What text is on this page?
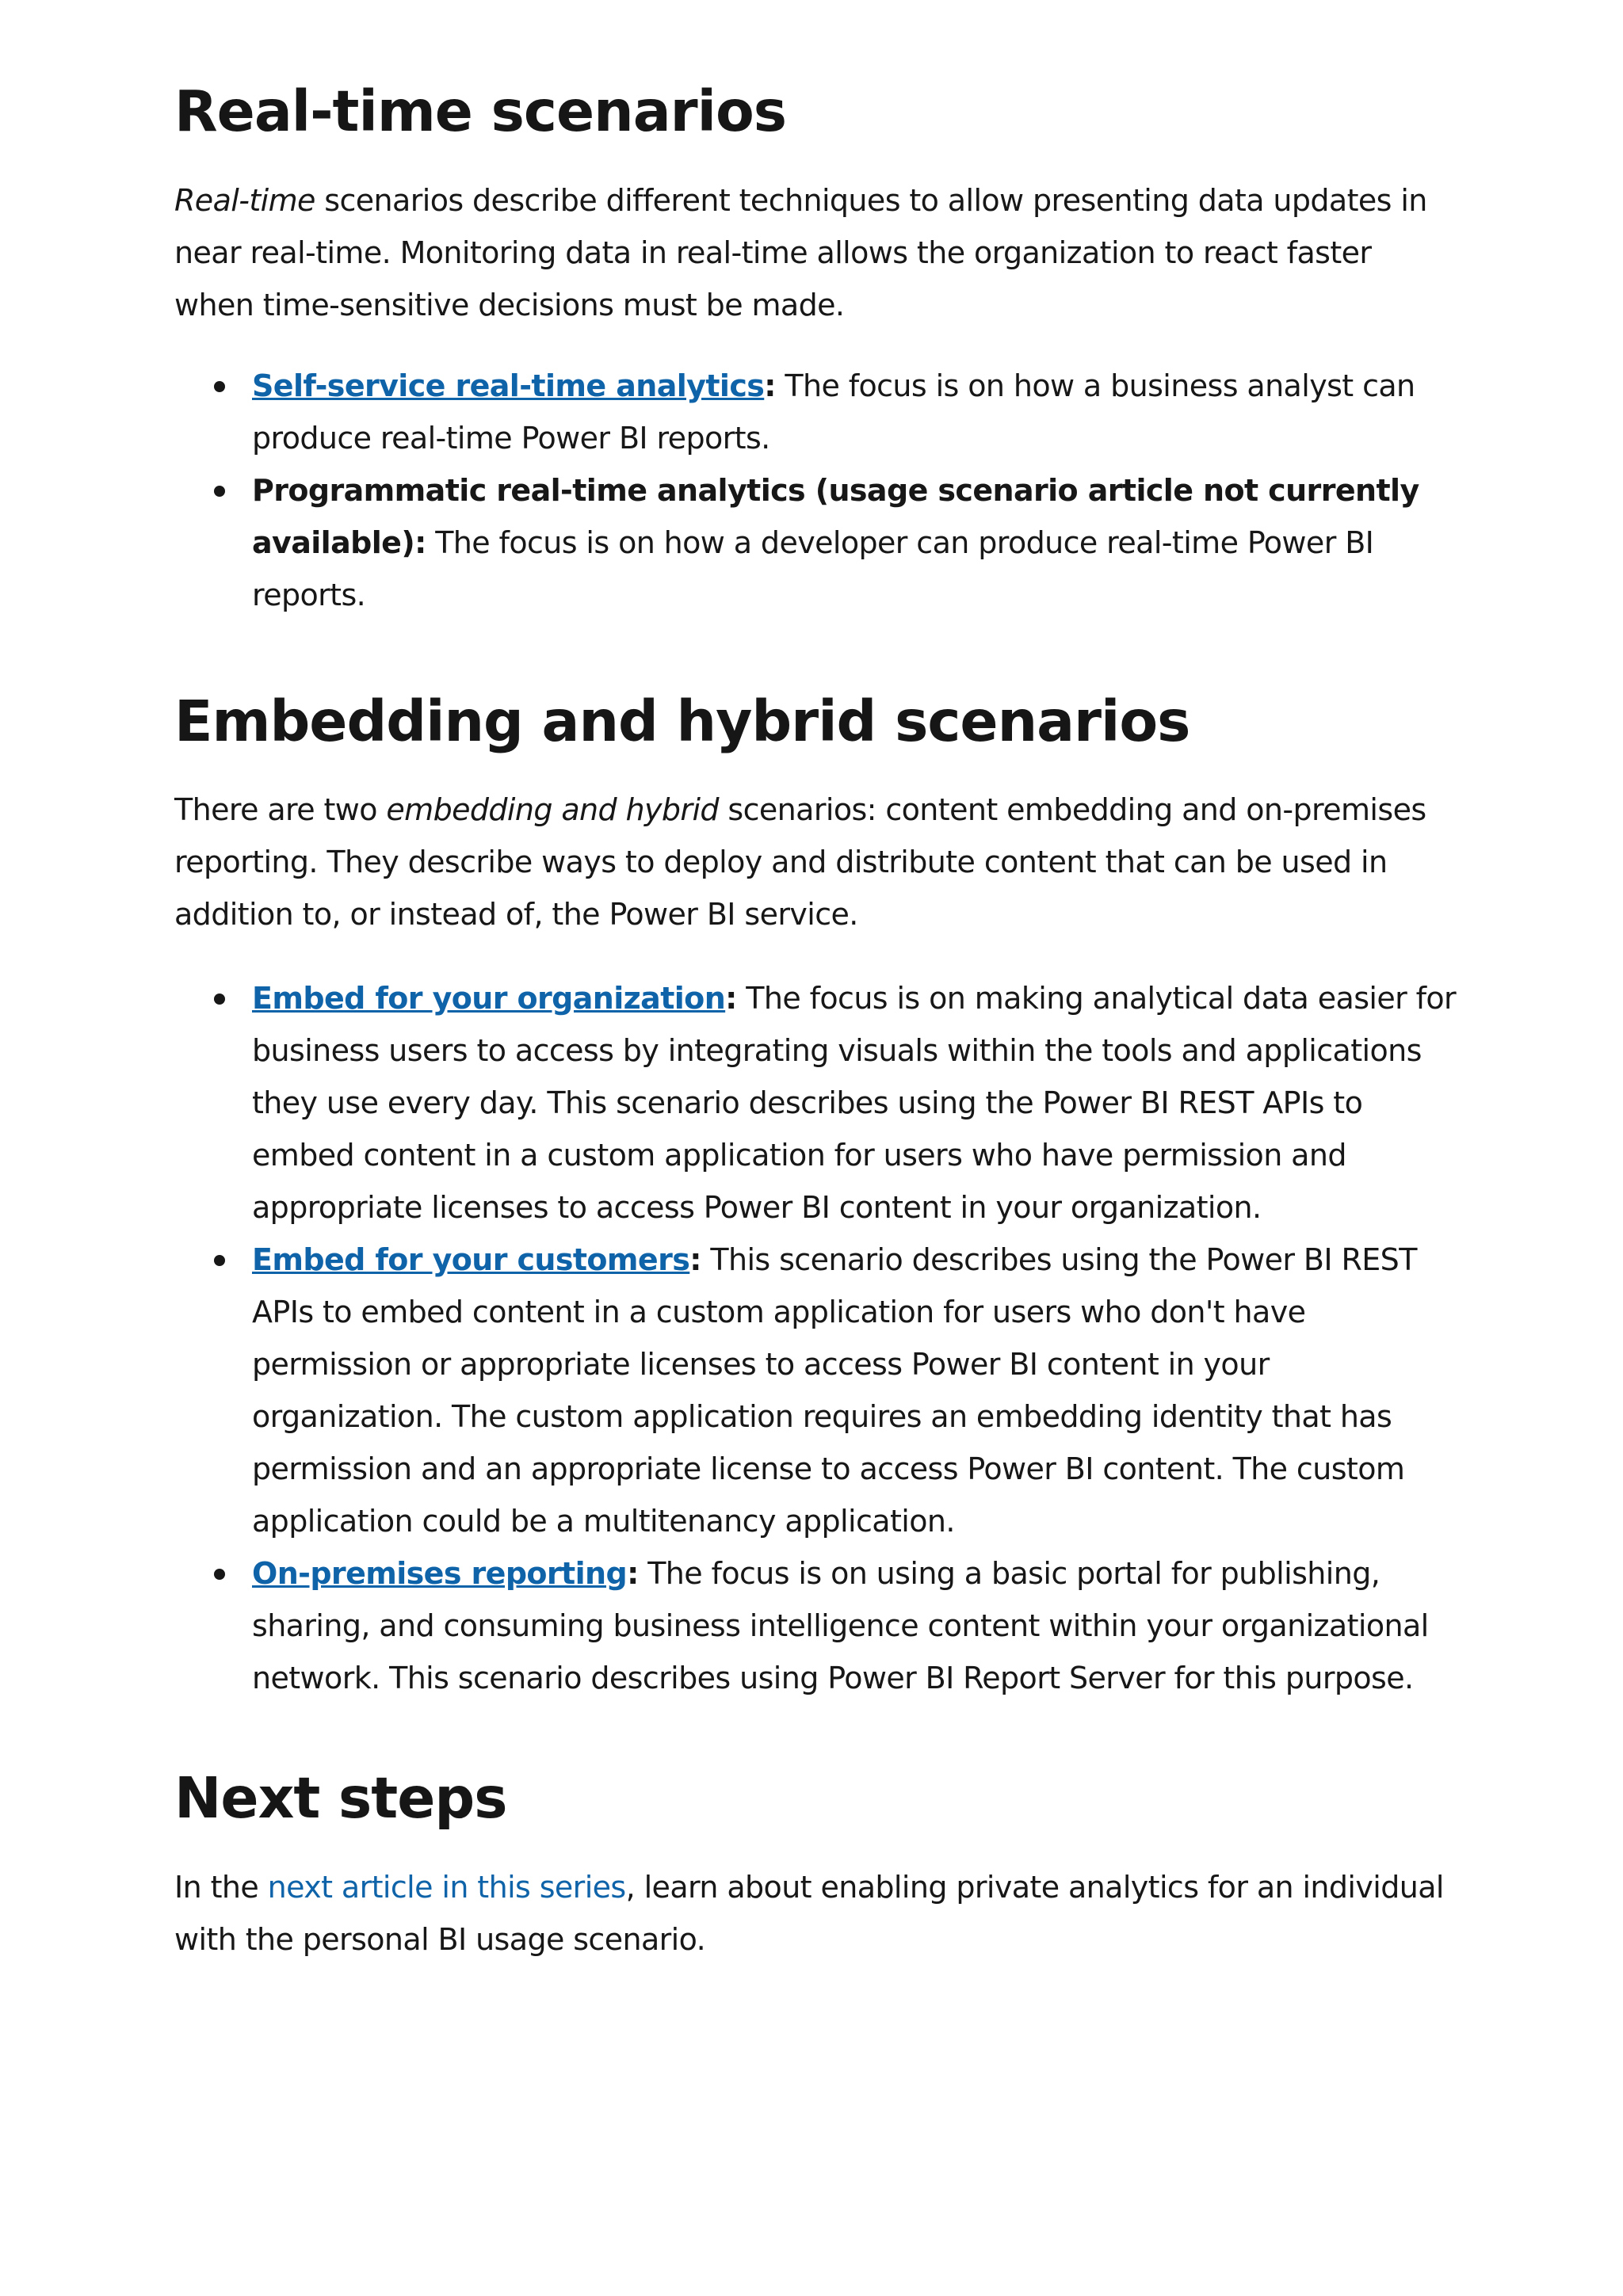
Real-time scenarios

Real-time scenarios describe different techniques to allow presenting data updates in near real-time. Monitoring data in real-time allows the organization to react faster when time-sensitive decisions must be made.

Self-service real-time analytics: The focus is on how a business analyst can produce real-time Power BI reports.
Programmatic real-time analytics (usage scenario article not currently available): The focus is on how a developer can produce real-time Power BI reports.
Embedding and hybrid scenarios

There are two embedding and hybrid scenarios: content embedding and on-premises reporting. They describe ways to deploy and distribute content that can be used in addition to, or instead of, the Power BI service.

Embed for your organization: The focus is on making analytical data easier for business users to access by integrating visuals within the tools and applications they use every day. This scenario describes using the Power BI REST APIs to embed content in a custom application for users who have permission and appropriate licenses to access Power BI content in your organization.
Embed for your customers: This scenario describes using the Power BI REST APIs to embed content in a custom application for users who don't have permission or appropriate licenses to access Power BI content in your organization. The custom application requires an embedding identity that has permission and an appropriate license to access Power BI content. The custom application could be a multitenancy application.
On-premises reporting: The focus is on using a basic portal for publishing, sharing, and consuming business intelligence content within your organizational network. This scenario describes using Power BI Report Server for this purpose.
Next steps

In the next article in this series, learn about enabling private analytics for an individual with the personal BI usage scenario.
